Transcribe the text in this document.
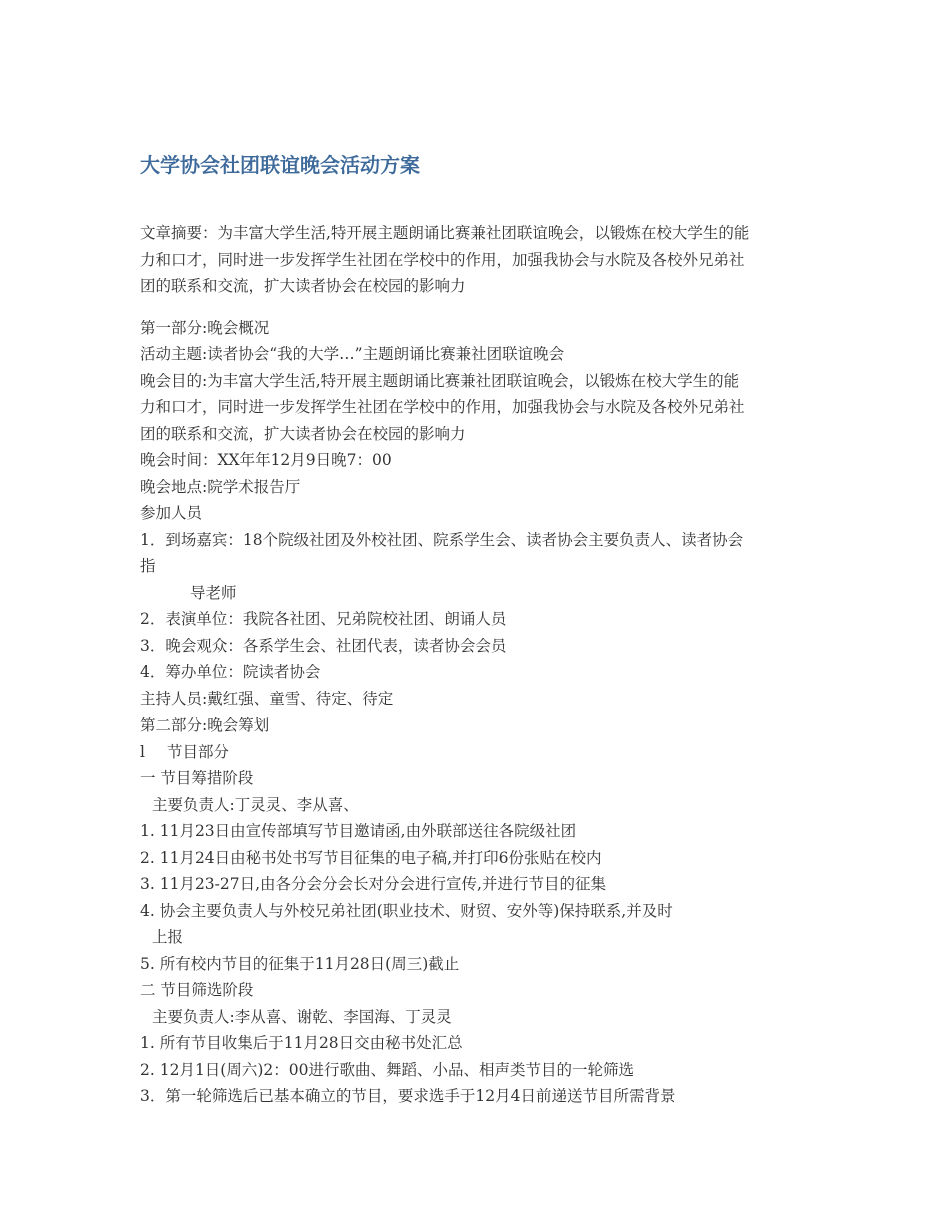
大学协会社团联谊晚会活动方案
文章摘要：为丰富大学生活,特开展主题朗诵比赛兼社团联谊晚会，以锻炼在校大学生的能
力和口才，同时进一步发挥学生社团在学校中的作用，加强我协会与水院及各校外兄弟社
团的联系和交流，扩大读者协会在校园的影响力
第一部分:晚会概况
活动主题:读者协会“我的大学…”主题朗诵比赛兼社团联谊晚会
晚会目的:为丰富大学生活,特开展主题朗诵比赛兼社团联谊晚会，以锻炼在校大学生的能
力和口才，同时进一步发挥学生社团在学校中的作用，加强我协会与水院及各校外兄弟社
团的联系和交流，扩大读者协会在校园的影响力
晚会时间：XX年年12月9日晚7：00
晚会地点:院学术报告厅
参加人员
1．到场嘉宾：18个院级社团及外校社团、院系学生会、读者协会主要负责人、读者协会
指
导老师
2．表演单位：我院各社团、兄弟院校社团、朗诵人员
3．晚会观众：各系学生会、社团代表，读者协会会员
4．筹办单位：院读者协会
主持人员:戴红强、童雪、待定、待定
第二部分:晚会筹划
l 节目部分
一 节目筹措阶段
主要负责人:丁灵灵、李从喜、
1. 11月23日由宣传部填写节目邀请函,由外联部送往各院级社团
2. 11月24日由秘书处书写节目征集的电子稿,并打印6份张贴在校内
3. 11月23-27日,由各分会分会长对分会进行宣传,并进行节目的征集
4. 协会主要负责人与外校兄弟社团(职业技术、财贸、安外等)保持联系,并及时
上报
5. 所有校内节目的征集于11月28日(周三)截止
二 节目筛选阶段
主要负责人:李从喜、谢乾、李国海、丁灵灵
1. 所有节目收集后于11月28日交由秘书处汇总
2. 12月1日(周六)2：00进行歌曲、舞蹈、小品、相声类节目的一轮筛选
3．第一轮筛选后已基本确立的节目，要求选手于12月4日前递送节目所需背景
